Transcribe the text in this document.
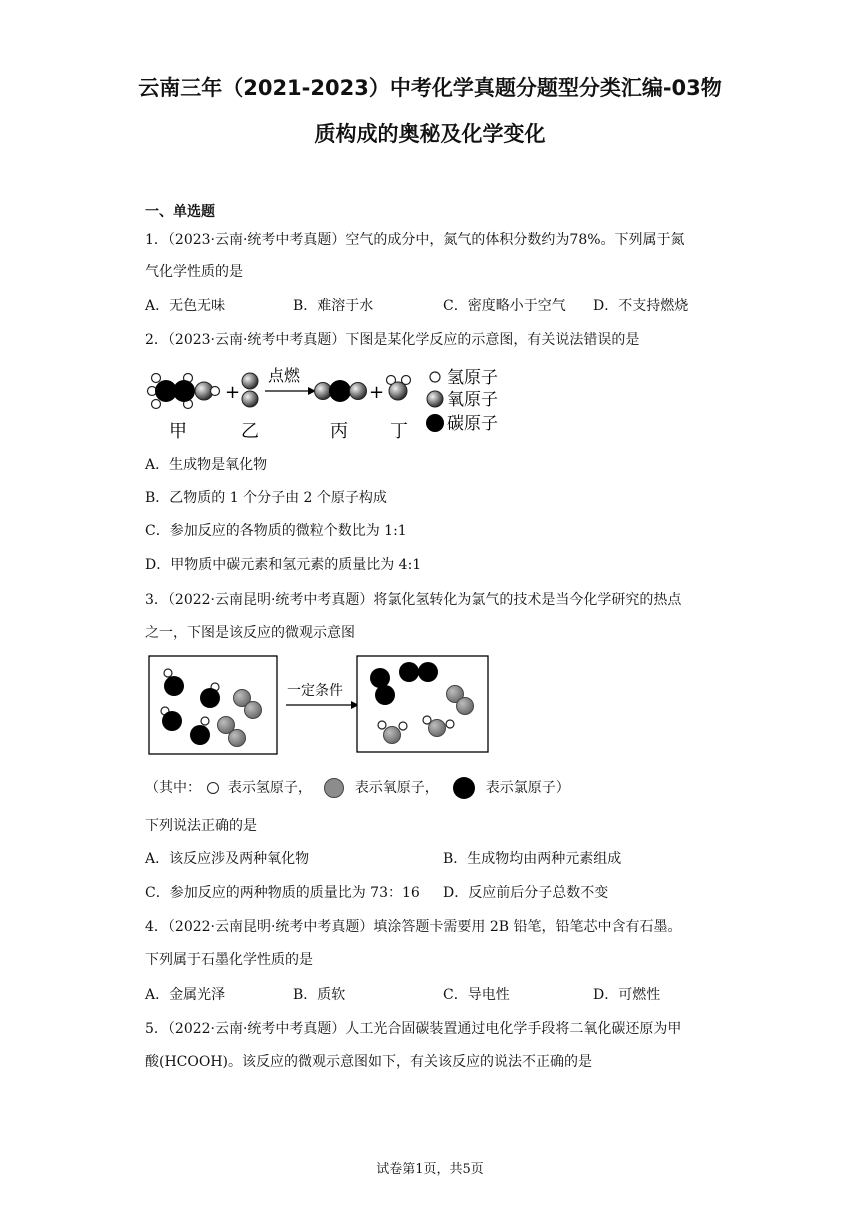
云南三年（2021-2023）中考化学真题分题型分类汇编-03物
质构成的奥秘及化学变化
一、单选题
1．（2023·云南·统考中考真题）空气的成分中，氮气的体积分数约为78%。下列属于氮
气化学性质的是
A．无色无味	B．难溶于水	C．密度略小于空气 D．不支持燃烧
2．（2023·云南·统考中考真题）下图是某化学反应的示意图，有关说法错误的是
+
点燃
+
甲	乙	丙 丁
氢原子
氧原子
碳原子
A．生成物是氧化物
B．乙物质的 1 个分子由 2 个原子构成
C．参加反应的各物质的微粒个数比为 1:1
D．甲物质中碳元素和氢元素的质量比为 4:1
3．（2022·云南昆明·统考中考真题）将氯化氢转化为氯气的技术是当今化学研究的热点
之一，下图是该反应的微观示意图
一定条件
（其中： 表示氢原子，	表示氧原子，	表示氯原子）
下列说法正确的是
A．该反应涉及两种氧化物	B．生成物均由两种元素组成
C．参加反应的两种物质的质量比为 73：16 D．反应前后分子总数不变
4．（2022·云南昆明·统考中考真题）填涂答题卡需要用 2B 铅笔，铅笔芯中含有石墨。
下列属于石墨化学性质的是
A．金属光泽	B．质软	C．导电性	D．可燃性
5．（2022·云南·统考中考真题）人工光合固碳装置通过电化学手段将二氧化碳还原为甲
酸(HCOOH)。该反应的微观示意图如下，有关该反应的说法不正确的是
试卷第1页，共5页
